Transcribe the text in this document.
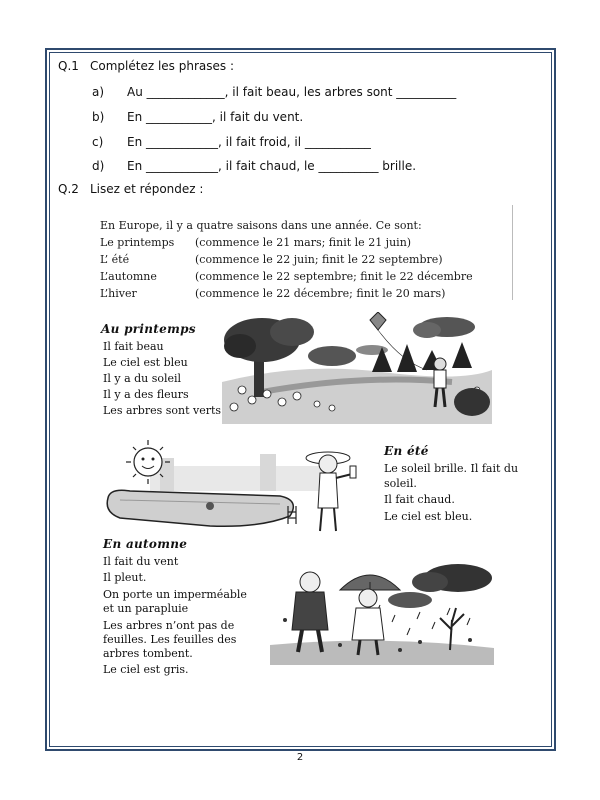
Q.1 Complétez les phrases :
a) Au _____________, il fait beau, les arbres sont __________
b) En ___________, il fait du vent.
c) En ____________, il fait froid, il ___________
d) En ____________, il fait chaud, le __________ brille.
Q.2 Lisez et répondez :
En Europe, il y a quatre saisons dans une année. Ce sont:
Le printemps (commence le 21 mars; finit le 21 juin)
L’ été	(commence le 22 juin; finit le 22 septembre)
L’automne	(commence le 22 septembre; finit le 22 décembre
L’hiver	(commence le 22 décembre; finit le 20 mars)
Au printemps
Il fait beau
Le ciel est bleu
Il y a du soleil
Il y a des fleurs
Les arbres sont verts
En été
Le soleil brille. Il fait du
soleil.
Il fait chaud.
Le ciel est bleu.
En automne
Il fait du vent
Il pleut.
On porte un imperméable
et un parapluie
Les arbres n’ont pas de
feuilles. Les feuilles des
arbres tombent.
Le ciel est gris.
2
